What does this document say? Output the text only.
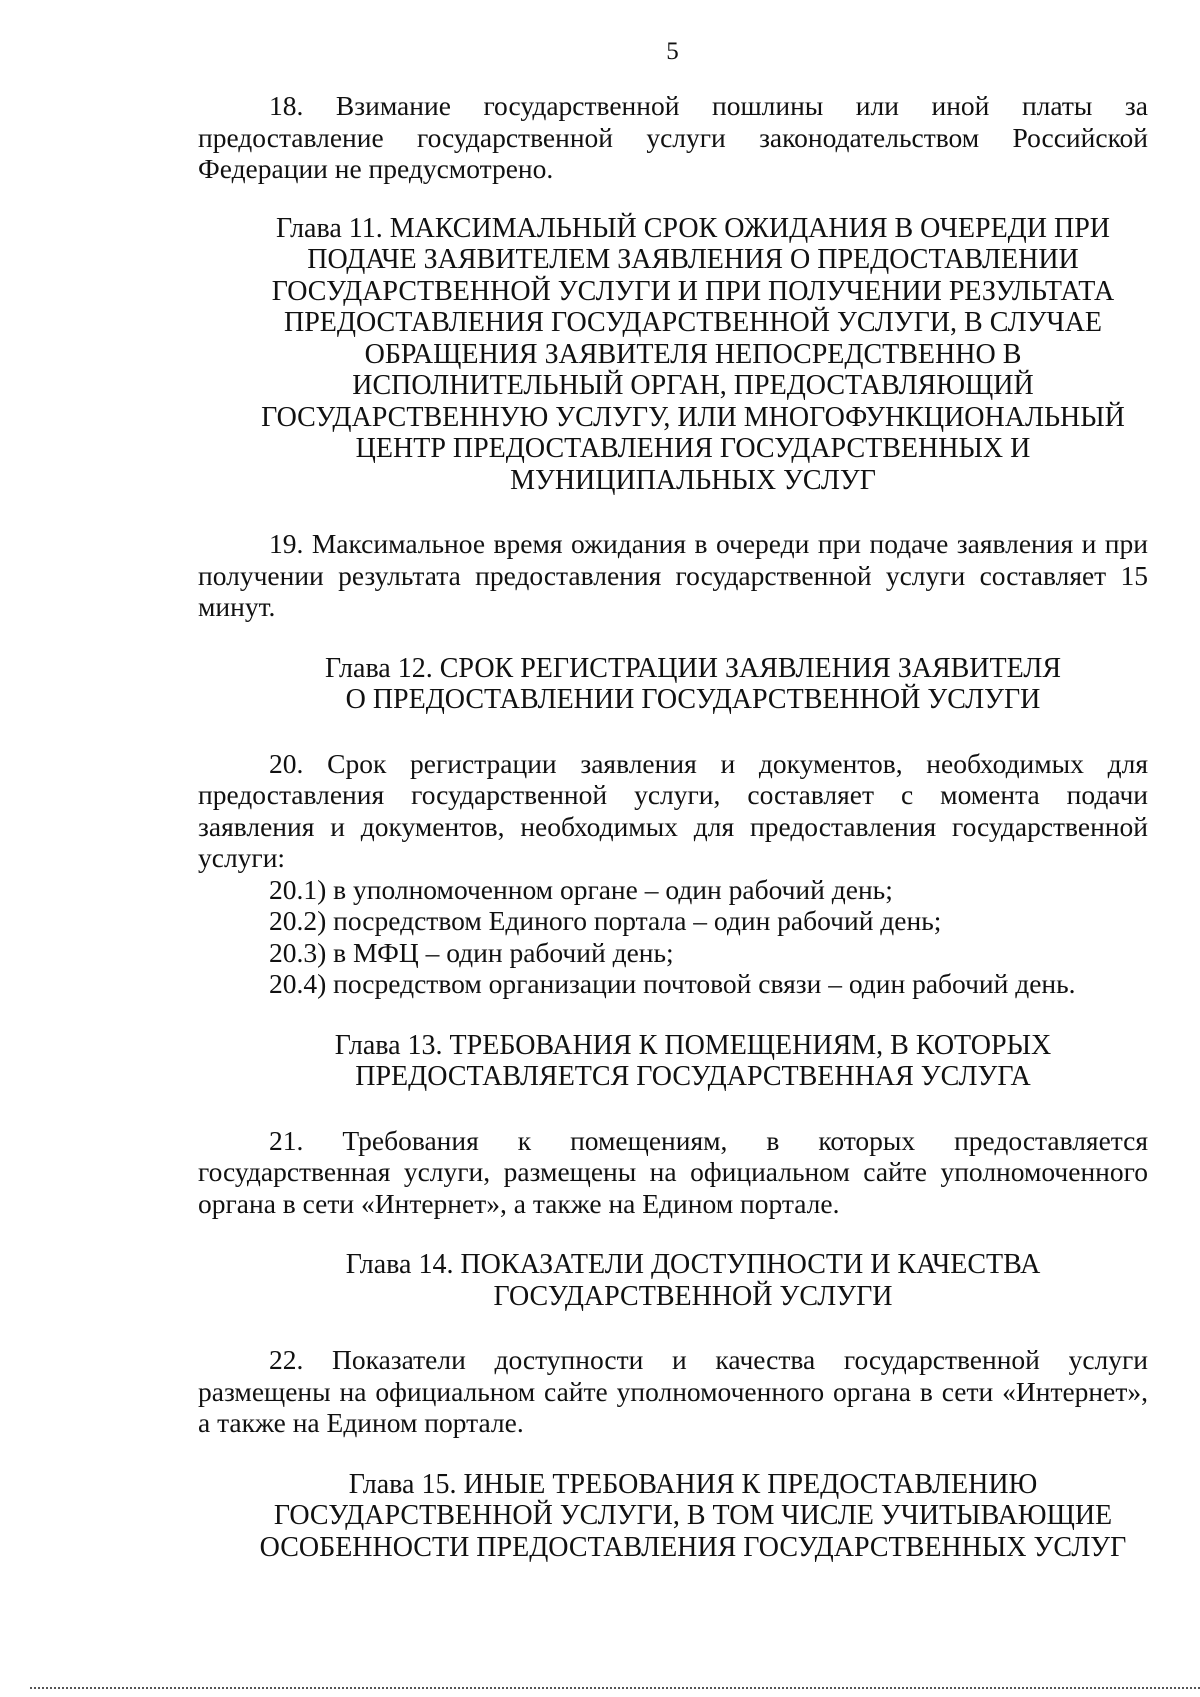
5

18. Взимание государственной пошлины или иной платы за предоставление государственной услуги законодательством Российской Федерации не предусмотрено.

Глава 11. МАКСИМАЛЬНЫЙ СРОК ОЖИДАНИЯ В ОЧЕРЕДИ ПРИ
ПОДАЧЕ ЗАЯВИТЕЛЕМ ЗАЯВЛЕНИЯ О ПРЕДОСТАВЛЕНИИ
ГОСУДАРСТВЕННОЙ УСЛУГИ И ПРИ ПОЛУЧЕНИИ РЕЗУЛЬТАТА
ПРЕДОСТАВЛЕНИЯ ГОСУДАРСТВЕННОЙ УСЛУГИ, В СЛУЧАЕ
ОБРАЩЕНИЯ ЗАЯВИТЕЛЯ НЕПОСРЕДСТВЕННО В
ИСПОЛНИТЕЛЬНЫЙ ОРГАН, ПРЕДОСТАВЛЯЮЩИЙ
ГОСУДАРСТВЕННУЮ УСЛУГУ, ИЛИ МНОГОФУНКЦИОНАЛЬНЫЙ
ЦЕНТР ПРЕДОСТАВЛЕНИЯ ГОСУДАРСТВЕННЫХ И
МУНИЦИПАЛЬНЫХ УСЛУГ

19. Максимальное время ожидания в очереди при подаче заявления и при получении результата предоставления государственной услуги составляет 15 минут.

Глава 12. СРОК РЕГИСТРАЦИИ ЗАЯВЛЕНИЯ ЗАЯВИТЕЛЯ
О ПРЕДОСТАВЛЕНИИ ГОСУДАРСТВЕННОЙ УСЛУГИ

20. Срок регистрации заявления и документов, необходимых для предоставления государственной услуги, составляет с момента подачи заявления и документов, необходимых для предоставления государственной услуги:

20.1) в уполномоченном органе – один рабочий день;
20.2) посредством Единого портала – один рабочий день;
20.3) в МФЦ – один рабочий день;
20.4) посредством организации почтовой связи – один рабочий день.
Глава 13. ТРЕБОВАНИЯ К ПОМЕЩЕНИЯМ, В КОТОРЫХ
ПРЕДОСТАВЛЯЕТСЯ ГОСУДАРСТВЕННАЯ УСЛУГА

21. Требования к помещениям, в которых предоставляется государственная услуги, размещены на официальном сайте уполномоченного органа в сети «Интернет», а также на Едином портале.

Глава 14. ПОКАЗАТЕЛИ ДОСТУПНОСТИ И КАЧЕСТВА
ГОСУДАРСТВЕННОЙ УСЛУГИ

22. Показатели доступности и качества государственной услуги размещены на официальном сайте уполномоченного органа в сети «Интернет», а также на Едином портале.

Глава 15. ИНЫЕ ТРЕБОВАНИЯ К ПРЕДОСТАВЛЕНИЮ
ГОСУДАРСТВЕННОЙ УСЛУГИ, В ТОМ ЧИСЛЕ УЧИТЫВАЮЩИЕ
ОСОБЕННОСТИ ПРЕДОСТАВЛЕНИЯ ГОСУДАРСТВЕННЫХ УСЛУГ
